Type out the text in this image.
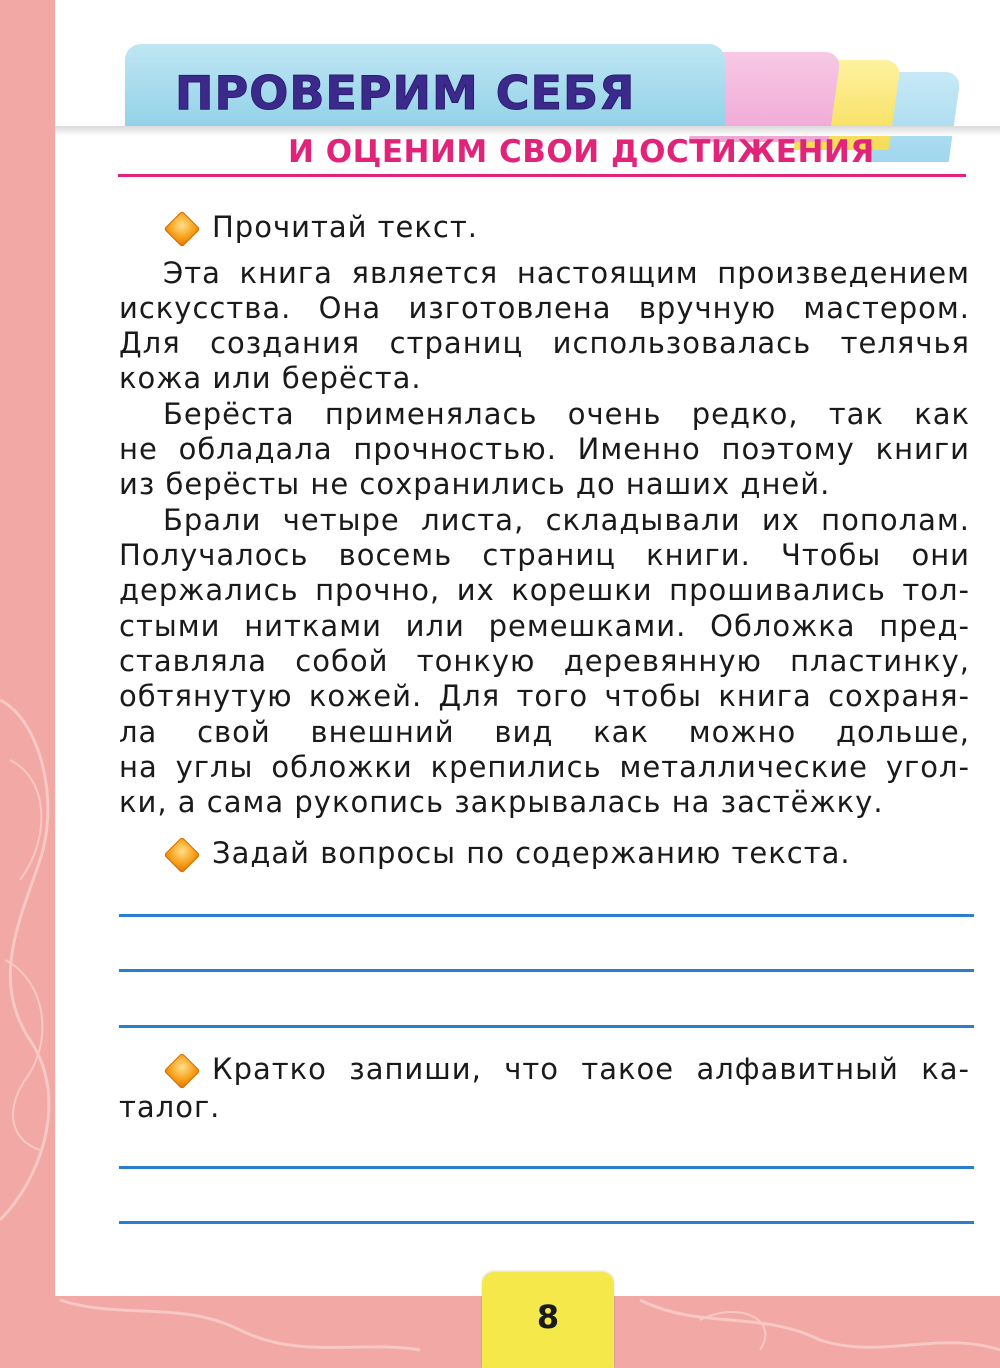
ПРОВЕРИМ СЕБЯ
И ОЦЕНИМ СВОИ ДОСТИЖЕНИЯ

Прочитай текст.

Эта книга является настоящим произведением

искусства. Она изготовлена вручную мастером.

Для создания страниц использовалась телячья

кожа или берёста.

Берёста применялась очень редко, так как

не обладала прочностью. Именно поэтому книги

из берёсты не сохранились до наших дней.

Брали четыре листа, складывали их пополам.

Получалось восемь страниц книги. Чтобы они

держались прочно, их корешки прошивались тол-

стыми нитками или ремешками. Обложка пред-

ставляла собой тонкую деревянную пластинку,

обтянутую кожей. Для того чтобы книга сохраня-

ла свой внешний вид как можно дольше,

на углы обложки крепились металлические угол-

ки, а сама рукопись закрывалась на застёжку.

Задай вопросы по содержанию текста.

Кратко запиши, что такое алфавитный ка-

талог.

8
